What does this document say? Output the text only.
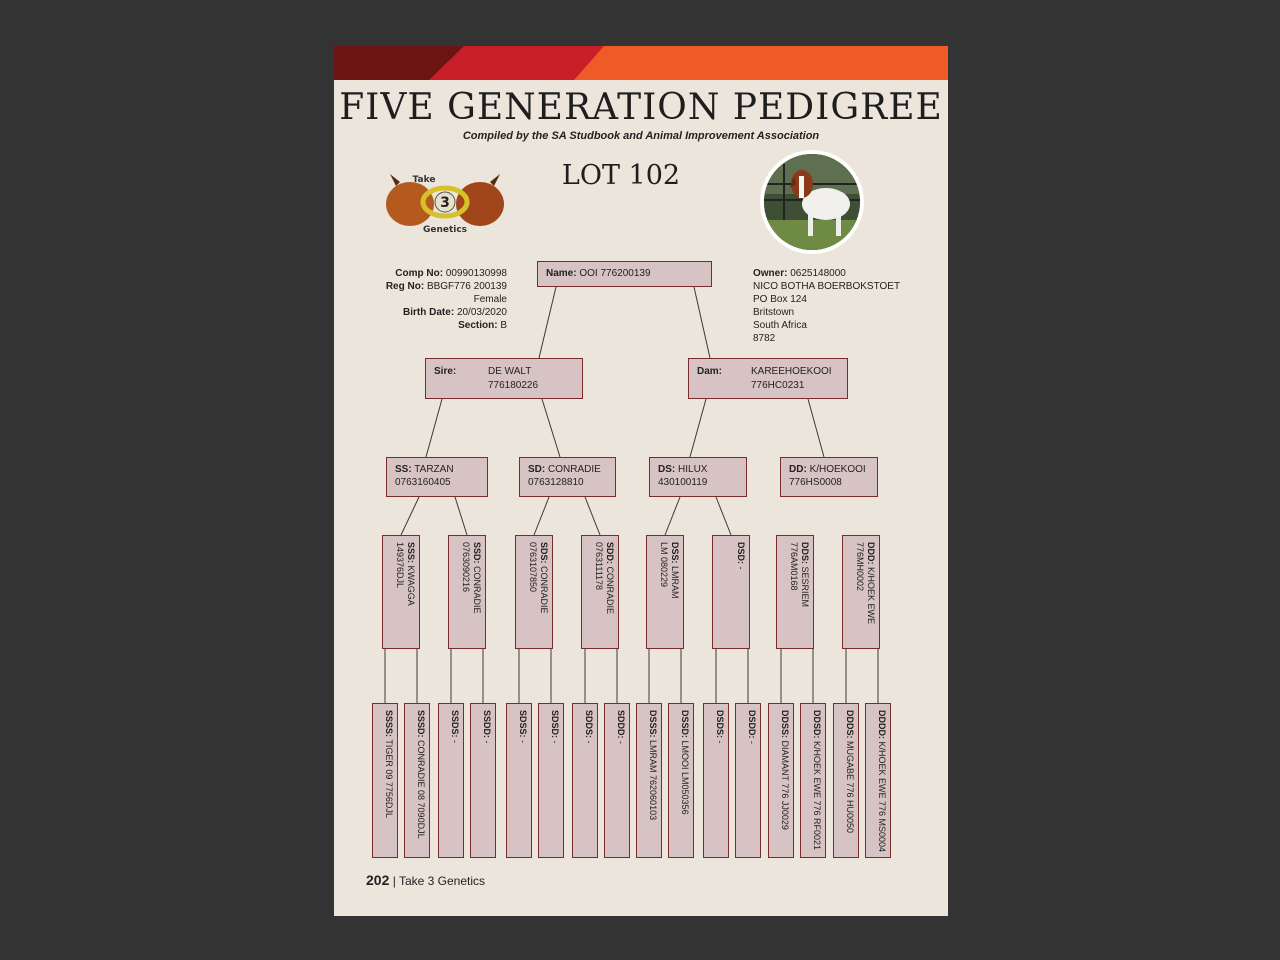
FIVE GENERATION PEDIGREE
Compiled by the SA Studbook and Animal Improvement Association
LOT 102
3
Take
Genetics
Comp No: 00990130998
Reg No: BBGF776 200139
Female
Birth Date: 20/03/2020
Section: B
Owner: 0625148000
NICO BOTHA BOERBOKSTOET
PO Box 124
Britstown
South Africa
8782
Name: OOI 776200139
Sire:	DE WALT
776180226
Dam:	KAREEHOEKOOI
776HC0231
SS: TARZAN
0763160405
SD: CONRADIE
0763128810
DS: HILUX
430100119
DD: K/HOEKOOI
776HS0008
SSS: KWAGGA
149376DJL	SSD: CONRADIE
0763090216	SDS: CONRADIE
0763107850	SDD: CONRADIE
0763111178	DSS: LMRAM
LM 080229	DSD: -

DDS: SESRIEM
776AM0168	DDD: K/HOEK EWE
776MH0002
SSSS: TIGER 09 7756DJL
SSSD: CONRADIE 08 7090DJL
SSDS: -
SSDD: -
SDSS: -
SDSD: -
SDDS: -
SDDD: -
DSSS: LMRAM 762060103
DSSD: LMOOI LM050356
DSDS: -
DSDD: -
DDSS: DIAMANT 776 JJ0029
DDSD: K/HOEK EWE 776 RF0021
DDDS: MUGABE 776 HU0050
DDDD: K/HOEK EWE 776 MS0004
202 | Take 3 Genetics
